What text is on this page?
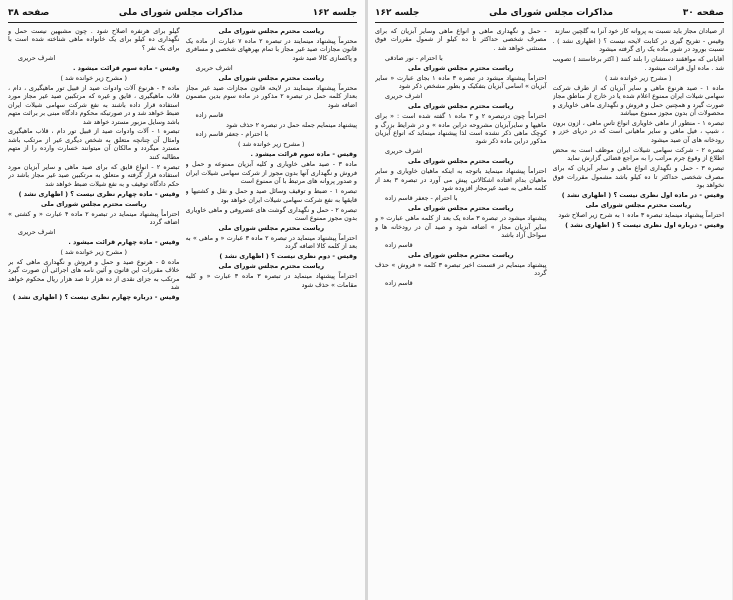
جلسه ۱۶۲
مذاکرات مجلس شورای ملی
صفحه ۳۸

ریاست محترم مجلس شورای ملی

محترماً پیشنهاد مینمایند در تبصره ۲ ماده ۷ عبارت از ماده یک قانون مجازات صید غیر مجاز با تمام بهرههای شخصی و مسافری و پاکسازی کالا صید شود

اشرف حریری

ریاست محترم مجلس شورای ملی

محترماً پیشنهاد مینمایند در لایحه قانون مجازات صید غیر مجاز بعداز کلمه حمل در تبصره ۲ مذکور در ماده سوم بدین مضمون اضافه شود

قاسم زاده

پیشنهاد مینمایم جمله حمل در تبصره ۲ حذف شود

با احترام - جعفر قاسم زاده

( مشرح زیر خوانده شد )

وقیس - ماده سوم قرائت میشود .

ماده ۳ - صید ماهی خاویاری و کلیه آبزیان ممنوعه و حمل و فروش و نگهداری آنها بدون مجوز از شرکت سهامی شیلات ایران و صدور پروانه های مرتبط با آن ممنوع است

تبصره ۱ - ضبط و توقیف وسائل صید و حمل و نقل و کشتیها و قایقها به نفع شرکت سهامی شیلات ایران خواهد بود

تبصره ۲ - حمل و نگهداری گوشت های غضروفی و ماهی خاویاری بدون مجوز ممنوع است

ریاست محترم مجلس شورای ملی

احتراماً پیشنهاد مینماید در تبصره ۲ ماده ۳ عبارت « و ماهی » به بعد از کلمه کالا اضافه گردد

وقیس - دوم نظری نیست ؟ ( اظهاری نشد )

ریاست محترم مجلس شورای ملی

احتراماً پیشنهاد مینماید در تبصره ۳ ماده ۳ عبارت « و کلیه مقامات » حذف شود

گیلو برای هرنفره اصلاح شود . چون مشبهین نیست حمل و نگهداری ده کیلو برای یک خانواده ماهی شناخته شده است با برای یک نفر ؟

اشرف حریری

وقیس - ماده سوم قرائت میشود .

( مشرح زیر خوانده شد )

ماده ۴ - هرنوع آلات وادوات صید از قبیل تور ماهیگیری ، دام ، قلاب ماهیگیری ، قایق و غیره که مرتکبین صید غیر مجاز مورد استفاده قرار داده باشند به نفع شرکت سهامی شیلات ایران ضبط خواهد شد و در صورتیکه محکوم دادگاه مبنی بر برائت متهم باشد وسایل مزبور مسترد خواهد شد

تبصره ۱ - آلات وادوات صید از قبیل تور دام ، قلاب ماهیگیری وامثال آن چنانچه متعلق به شخص دیگری غیر از مرتکب باشد مسترد میگردد و مالکان آن میتوانند خسارت وارده را از متهم مطالبه کنند

تبصره ۲ - انواع قایق که برای صید ماهی و سایر آبزیان مورد استفاده قرار گرفته و متعلق به مرتکبین صید غیر مجاز باشد در حکم دادگاه توقیف و به نفع شیلات ضبط خواهد شد

وقیس - ماده چهارم نظری نیست ؟ ( اظهاری نشد )

ریاست محترم مجلس شورای ملی

احتراماً پیشنهاد مینماید در تبصره ۲ ماده ۴ عبارت « و کشتی » اضافه گردد

اشرف حریری

وقیس - ماده چهارم قرائت میشود .

( مشرح زیر خوانده شد )

ماده ۵ - هرنوع صید و حمل و فروش و نگهداری ماهی که بر خلاف مقررات این قانون و آئین نامه های اجرائی آن صورت گیرد مرتکب به جزای نقدی از ده هزار تا صد هزار ریال محکوم خواهد شد

وقیس - درباره چهارم نظری نیست ؟ ( اظهاری نشد )

صفحه ۳۰
مذاکرات مجلس شورای ملی
جلسه ۱۶۲

از صیادان مجاز باید نسبت به پروانه کار خود آنرا به گلچین سازند

وقیس - تفریح گیری در کتابت لایحه نیست ؟ ( اظهاری نشد ) . نسبت بورود در شور ماده یک رای گرفته میشود

آقایانی که موافقند دستشان را بلند کنند ( اکثر برخاستند ) تصویب شد . ماده اول قرائت میشود .

( مشرح زیر خوانده شد )

ماده ۱ - صید هرنوع ماهی و سایر آبزیان که از طرف شرکت سهامی شیلات ایران ممنوع اعلام شده یا در خارج از مناطق مجاز صورت گیرد و همچنین حمل و فروش و نگهداری ماهی خاویاری و محصولات آن بدون مجوز ممنوع میباشد

تبصره ۱ - منظور از ماهی خاویاری انواع تاس ماهی ، ازون برون ، شیپ ، فیل ماهی و سایر ماهیانی است که در دریای خزر و رودخانه های آن صید میشود

تبصره ۲ - شرکت سهامی شیلات ایران موظف است به محض اطلاع از وقوع جرم مراتب را به مراجع قضائی گزارش نماید

تبصره ۳ - حمل و نگهداری انواع ماهی و سایر آبزیان که برای مصرف شخصی حداکثر تا ده کیلو باشد مشمول مقررات فوق نخواهد بود

وقیس - در ماده اول نظری نیست ؟ ( اظهاری نشد )

ریاست محترم مجلس شورای ملی

احتراماً پیشنهاد مینماید تبصره ۳ ماده ۱ به شرح زیر اصلاح شود

وقیس - درباره اول نظری نیست ؟ ( اظهاری نشد )

- حمل و نگهداری ماهی و انواع ماهی وسایر آبزیان که برای مصرف شخصی حداکثر تا ده کیلو از شمول مقررات فوق مستثنی خواهد شد .

با احترام - نور صادقی

ریاست محترم مجلس شورای ملی

احتراماً پیشنهاد میشود در تبصره ۳ ماده ۱ بجای عبارت « سایر آبزیان » اسامی آبزیان بتفکیک و بطور مشخص ذکر شود

اشرف حریری

ریاست محترم مجلس شورای ملی

احتراماً چون درتبصره ۲ و ۳ ماده ۱ گفته شده است : « برای ماهیها و سایرآبزیان مشروحه دراین ماده » و در شرایط بزرگ و کوچک ماهی ذکر نشده است لذا پیشنهاد مینماید که انواع آبزیان مذکور دراین ماده ذکر شود

اشرف حریری

ریاست محترم مجلس شورای ملی

احتراماً پیشنهاد مینماید باتوجه به اینکه ماهیان خاویاری و سایر ماهیان بدام افتاده اشکالاتی پیش می آورد در تبصره ۳ بعد از کلمه ماهی به صید غیرمجاز افزوده شود

با احترام - جعفر قاسم زاده

ریاست محترم مجلس شورای ملی

پیشنهاد میشود در تبصره ۳ ماده یک بعد از کلمه ماهی عبارت « و سایر آبزیان مجاز » اضافه شود و صید آن در رودخانه ها و سواحل آزاد باشد

قاسم زاده

ریاست محترم مجلس شورای ملی

پیشنهاد مینمایم در قسمت اخیر تبصره ۳ کلمه « فروش » حذف گردد

قاسم زاده
